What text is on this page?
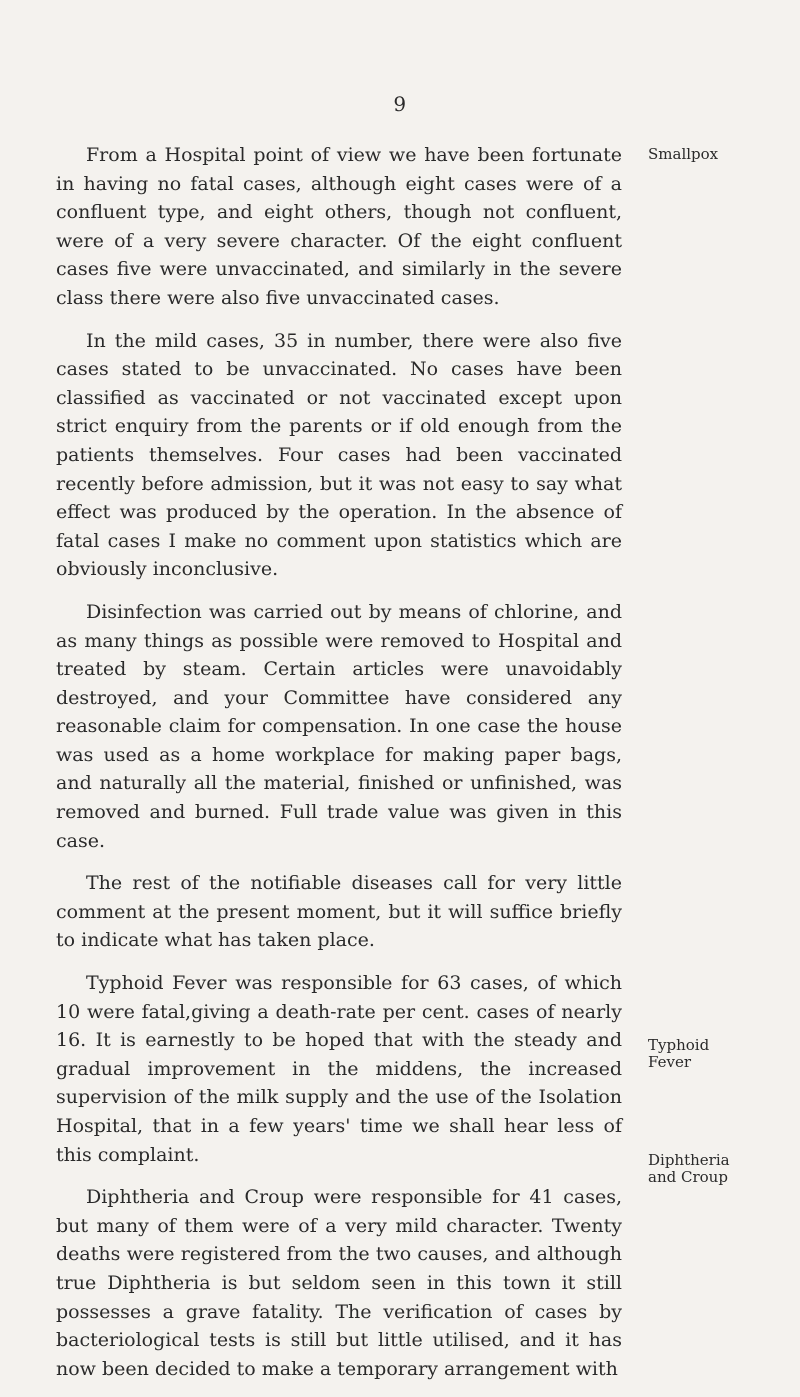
9

From a Hospital point of view we have been fortunate in having no fatal cases, although eight cases were of a confluent type, and eight others, though not confluent, were of a very severe character. Of the eight confluent cases five were unvaccinated, and similarly in the severe class there were also five unvaccinated cases.

In the mild cases, 35 in number, there were also five cases stated to be unvaccinated. No cases have been classified as vaccinated or not vaccinated except upon strict enquiry from the parents or if old enough from the patients themselves. Four cases had been vaccinated recently before admission, but it was not easy to say what effect was produced by the operation. In the absence of fatal cases I make no comment upon statistics which are obviously inconclusive.

Disinfection was carried out by means of chlorine, and as many things as possible were removed to Hospital and treated by steam. Certain articles were unavoidably destroyed, and your Committee have considered any reasonable claim for compensation. In one case the house was used as a home workplace for making paper bags, and naturally all the material, finished or unfinished, was removed and burned. Full trade value was given in this case.

The rest of the notifiable diseases call for very little comment at the present moment, but it will suffice briefly to indicate what has taken place.

Typhoid Fever was responsible for 63 cases, of which 10 were fatal,giving a death-rate per cent. cases of nearly 16. It is earnestly to be hoped that with the steady and gradual improvement in the middens, the increased supervision of the milk supply and the use of the Isolation Hospital, that in a few years' time we shall hear less of this complaint.

Diphtheria and Croup were responsible for 41 cases, but many of them were of a very mild character. Twenty deaths were registered from the two causes, and although true Diphtheria is but seldom seen in this town it still possesses a grave fatality. The verification of cases by bacteriological tests is still but little utilised, and it has now been decided to make a temporary arrangement with

Smallpox
Typhoid Fever
Diphtheria and Croup
